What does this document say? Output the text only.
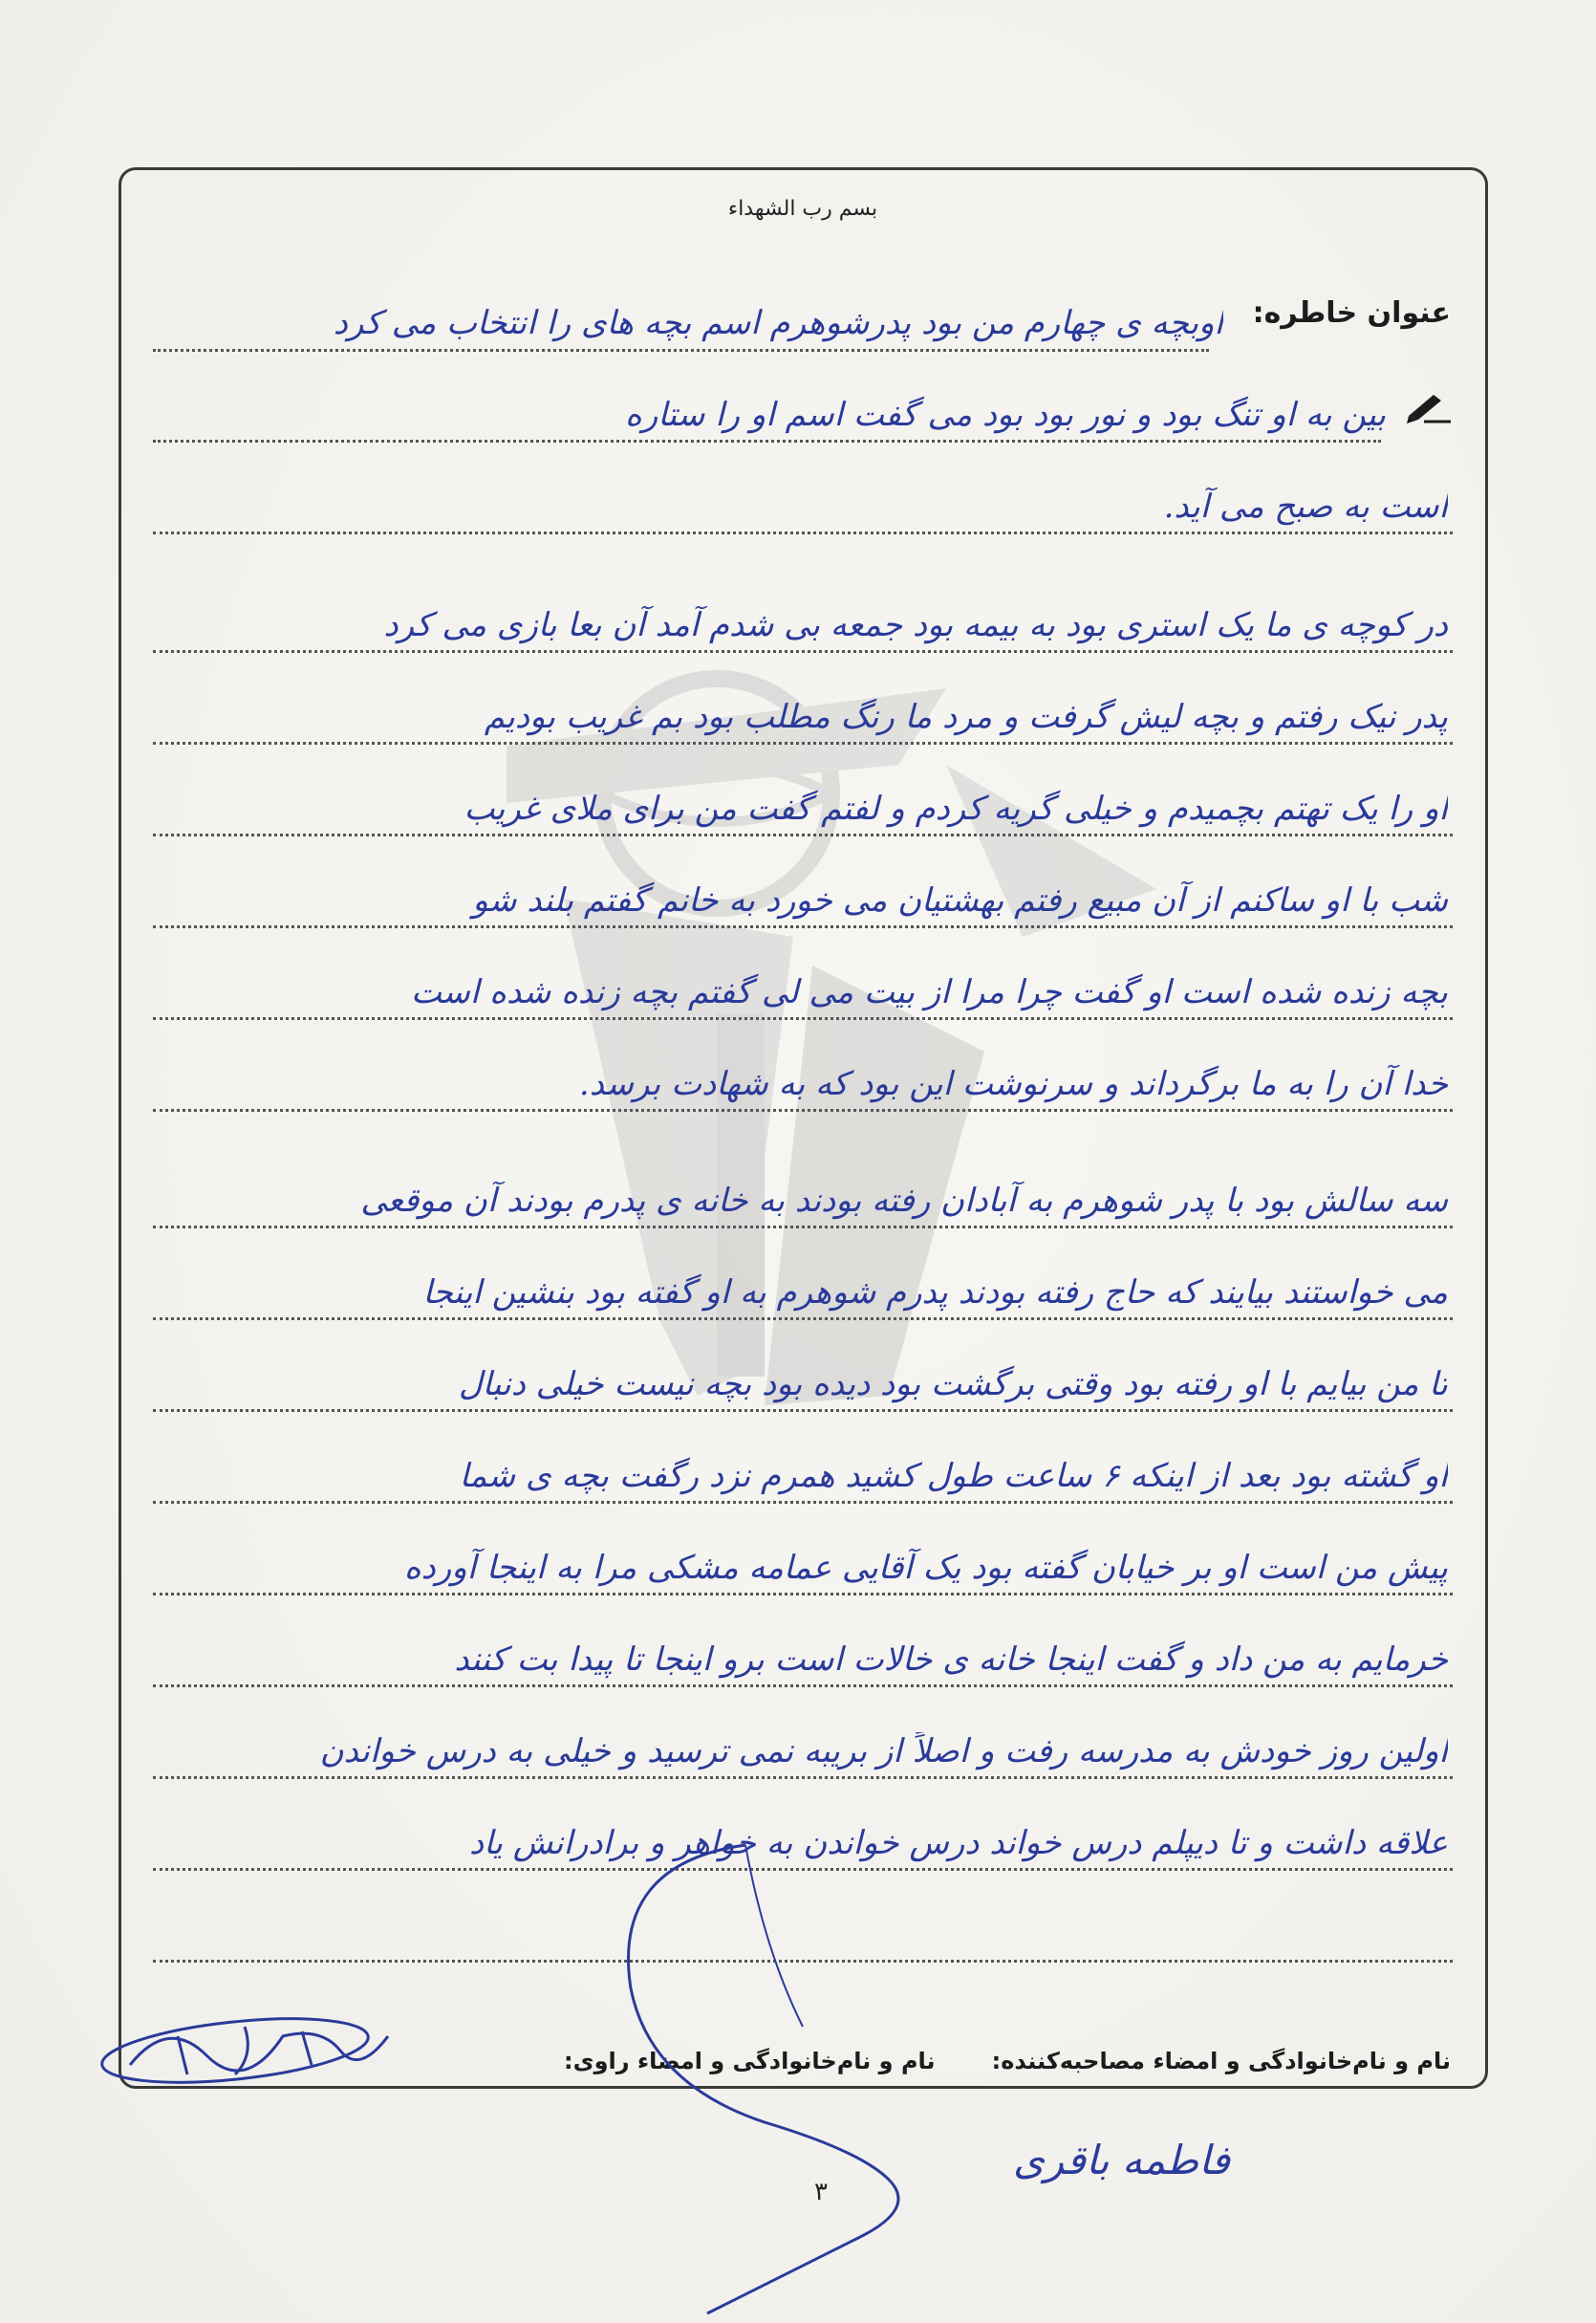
بسم رب الشهداء
عنوان خاطره:
اوبچه ی چهارم من بود پدرشوهرم اسم بچه های را انتخاب می کرد
بین به او تنگ بود و نور بود بود می گفت اسم او را ستاره
است به صبح می آید.
در کوچه ی ما یک استری بود به بیمه بود جمعه بی شدم آمد آن بعا بازی می کرد
پدر نیک رفتم و بچه لیش گرفت و مرد ما رنگ مطلب بود بم غریب بودیم
او را یک تهتم بچمیدم و خیلی گریه کردم و لفتم گفت من برای ملای غریب
شب با او ساکنم از آن مبیع رفتم بهشتیان می خورد به خانم گفتم بلند شو
بچه زنده شده است او گفت چرا مرا از بیت می لی گفتم بچه زنده شده است
خدا آن را به ما برگرداند و سرنوشت این بود که به شهادت برسد.
سه سالش بود با پدر شوهرم به آبادان رفته بودند به خانه ی پدرم بودند آن موقعی
می خواستند بیایند که حاج رفته بودند پدرم شوهرم به او گفته بود بنشین اینجا
تا من بیایم با او رفته بود وقتی برگشت بود دیده بود بچه نیست خیلی دنبال
او گشته بود بعد از اینکه ۶ ساعت طول کشید همرم نزد رگفت بچه ی شما
پیش من است او بر خیابان گفته بود یک آقایی عمامه مشکی مرا به اینجا آورده
خرمایم به من داد و گفت اینجا خانه ی خالات است برو اینجا تا پیدا بت کنند
اولین روز خودش به مدرسه رفت و اصلاً از بریبه نمی ترسید و خیلی به درس خواندن
علاقه داشت و تا دیپلم درس خواند درس خواندن به خواهر و برادرانش یاد
نام و نام‌خانوادگی و امضاء مصاحبه‌کننده:
نام و نام‌خانوادگی و امضاء راوی:
فاطمه باقری
۳
